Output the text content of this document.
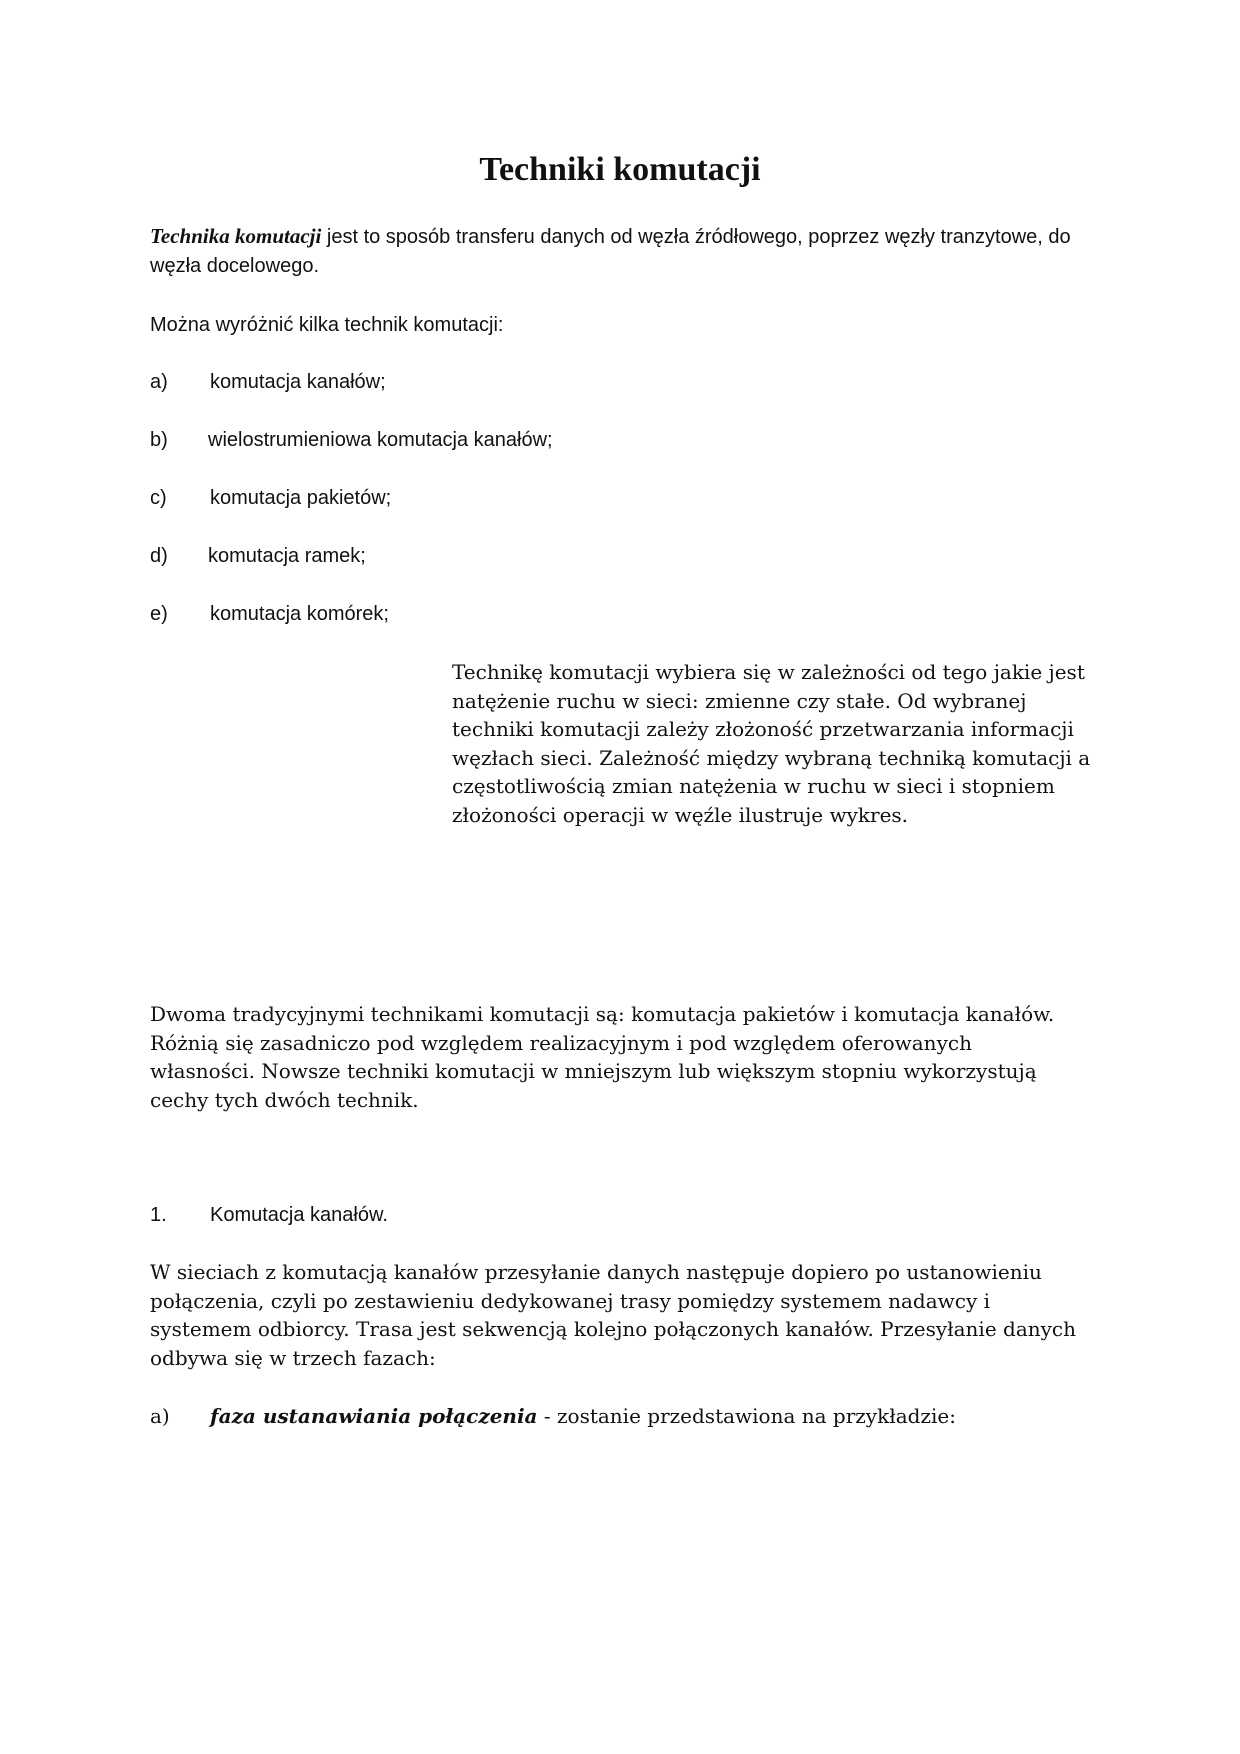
Techniki komutacji

Technika komutacji jest to sposób transferu danych od węzła źródłowego, poprzez węzły tranzytowe, do węzła docelowego.

Można wyróżnić kilka technik komutacji:

a) komutacja kanałów;
b) wielostrumieniowa komutacja kanałów;
c) komutacja pakietów;
d) komutacja ramek;
e) komutacja komórek;

Technikę komutacji wybiera się w zależności od tego jakie jest natężenie ruchu w sieci: zmienne czy stałe. Od wybranej techniki komutacji zależy złożoność przetwarzania informacji węzłach sieci. Zależność między wybraną techniką komutacji a częstotliwością zmian natężenia w ruchu w sieci i stopniem złożoności operacji w węźle ilustruje wykres.

Dwoma tradycyjnymi technikami komutacji są: komutacja pakietów i komutacja kanałów. Różnią się zasadniczo pod względem realizacyjnym i pod względem oferowanych własności. Nowsze techniki komutacji w mniejszym lub większym stopniu wykorzystują cechy tych dwóch technik.

1. Komutacja kanałów.

W sieciach z komutacją kanałów przesyłanie danych następuje dopiero po ustanowieniu połączenia, czyli po zestawieniu dedykowanej trasy pomiędzy systemem nadawcy i systemem odbiorcy. Trasa jest sekwencją kolejno połączonych kanałów. Przesyłanie danych odbywa się w trzech fazach:

a) faza ustanawiania połączenia - zostanie przedstawiona na przykładzie:
